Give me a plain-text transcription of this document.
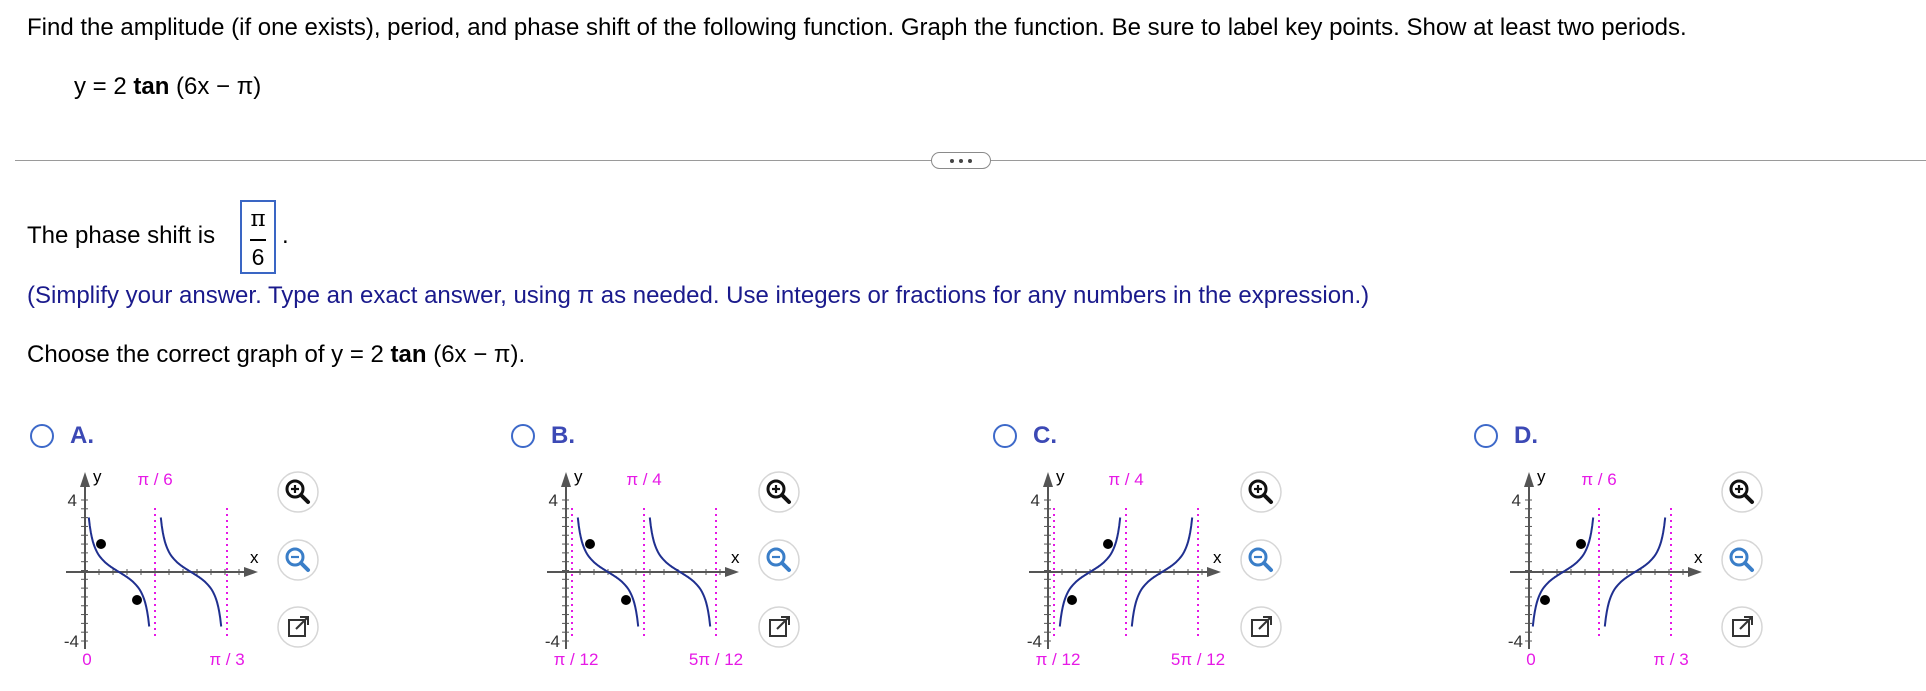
Find the amplitude (if one exists), period, and phase shift of the following function. Graph the function. Be sure to label key points. Show at least two periods.
y = 2 tan (6x − π)
The phase shift is
π
6
.
(Simplify your answer. Type an exact answer, using π as needed. Use integers or fractions for any numbers in the expression.)
Choose the correct graph of y = 2 tan (6x − π).
A.
y
x
4
-4
π / 6
0	π / 3
B.
y
x
4
-4
π / 4
π / 12	5π / 12
C.
y
x
4
-4
π / 4
π / 12	5π / 12
D.
y
x
4
-4
π / 6
0	π / 3
